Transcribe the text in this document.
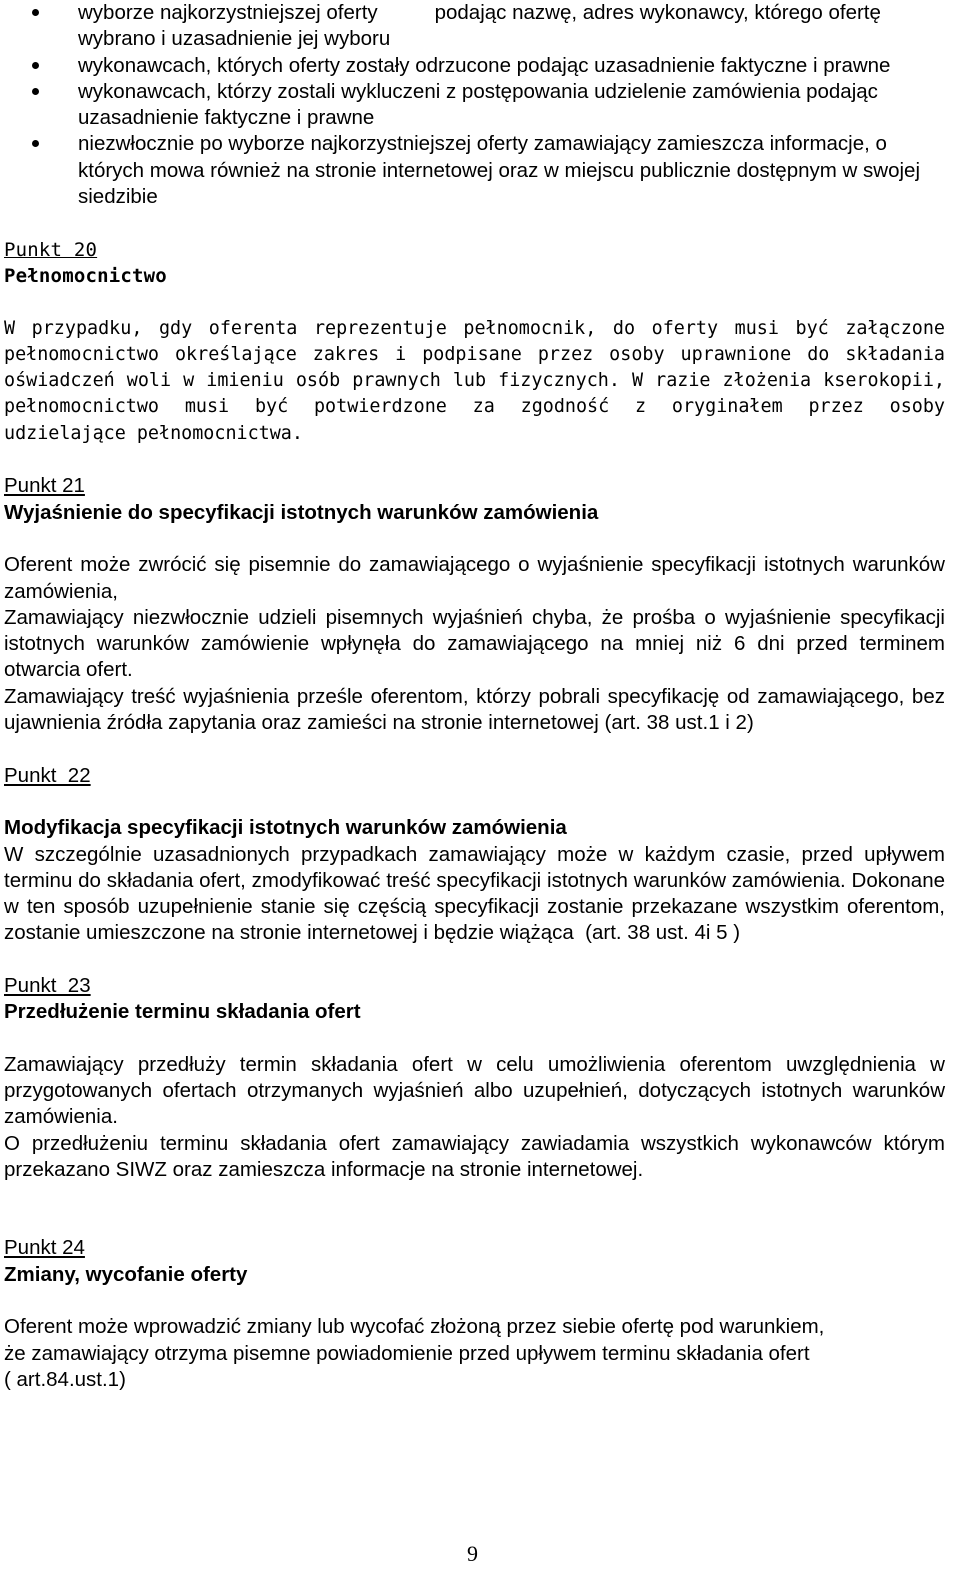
wyborze najkorzystniejszej oferty          podając nazwę, adres wykonawcy, którego ofertę wybrano i uzasadnienie jej wyboru
wykonawcach, których oferty zostały odrzucone podając uzasadnienie faktyczne i prawne
wykonawcach, którzy zostali wykluczeni z postępowania udzielenie zamówienia podając uzasadnienie faktyczne i prawne
niezwłocznie po wyborze najkorzystniejszej oferty zamawiający zamieszcza informacje, o których mowa również na stronie internetowej oraz w miejscu publicznie dostępnym w swojej siedzibie
Punkt 20
Pełnomocnictwo

W przypadku, gdy oferenta reprezentuje pełnomocnik, do oferty musi być załączone pełnomocnictwo określające zakres i podpisane przez osoby uprawnione do składania oświadczeń woli w imieniu osób prawnych lub fizycznych. W razie złożenia kserokopii, pełnomocnictwo musi być potwierdzone za zgodność z oryginałem przez osoby udzielające pełnomocnictwa.

Punkt 21
Wyjaśnienie do specyfikacji istotnych warunków zamówienia

Oferent może zwrócić się pisemnie do zamawiającego o wyjaśnienie specyfikacji istotnych warunków zamówienia,

Zamawiający niezwłocznie udzieli pisemnych wyjaśnień chyba, że prośba o wyjaśnienie specyfikacji istotnych warunków zamówienie wpłynęła do zamawiającego na mniej niż 6 dni przed terminem otwarcia ofert.

Zamawiający treść wyjaśnienia prześle oferentom, którzy pobrali specyfikację od zamawiającego, bez ujawnienia źródła zapytania oraz zamieści na stronie internetowej (art. 38 ust.1 i 2)

Punkt  22
Modyfikacja specyfikacji istotnych warunków zamówienia

W szczególnie uzasadnionych przypadkach zamawiający może w każdym czasie, przed upływem terminu do składania ofert, zmodyfikować treść specyfikacji istotnych warunków zamówienia. Dokonane w ten sposób uzupełnienie stanie się częścią specyfikacji zostanie przekazane wszystkim oferentom, zostanie umieszczone na stronie internetowej i będzie wiążąca  (art. 38 ust. 4i 5 )

Punkt  23
Przedłużenie terminu składania ofert

Zamawiający przedłuży termin składania ofert w celu umożliwienia oferentom uwzględnienia w przygotowanych ofertach otrzymanych wyjaśnień albo uzupełnień, dotyczących istotnych warunków zamówienia.

O przedłużeniu terminu składania ofert zamawiający zawiadamia wszystkich wykonawców którym przekazano SIWZ oraz zamieszcza informacje na stronie internetowej.

Punkt 24
Zmiany, wycofanie oferty
Oferent może wprowadzić zmiany lub wycofać złożoną przez siebie ofertę pod warunkiem,
że zamawiający otrzyma pisemne powiadomienie przed upływem terminu składania ofert
( art.84.ust.1)
9
